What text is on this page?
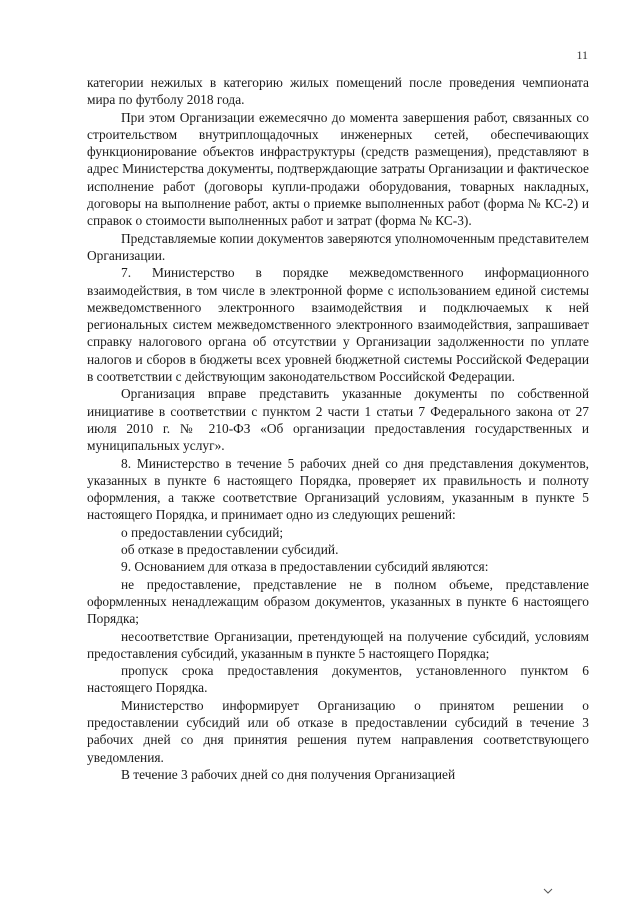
11

категории нежилых в категорию жилых помещений после проведения чемпионата мира по футболу 2018 года.

При этом Организации ежемесячно до момента завершения работ, связанных со строительством внутриплощадочных инженерных сетей, обеспечивающих функционирование объектов инфраструктуры (средств размещения), представляют в адрес Министерства документы, подтверждающие затраты Организации и фактическое исполнение работ (договоры купли-продажи оборудования, товарных накладных, договоры на выполнение работ, акты о приемке выполненных работ (форма № КС-2) и справок о стоимости выполненных работ и затрат (форма № КС-3).

Представляемые копии документов заверяются уполномоченным представителем Организации.

7. Министерство в порядке межведомственного информационного взаимодействия, в том числе в электронной форме с использованием единой системы межведомственного электронного взаимодействия и подключаемых к ней региональных систем межведомственного электронного взаимодействия, запрашивает справку налогового органа об отсутствии у Организации задолженности по уплате налогов и сборов в бюджеты всех уровней бюджетной системы Российской Федерации в соответствии с действующим законодательством Российской Федерации.

Организация вправе представить указанные документы по собственной инициативе в соответствии с пунктом 2 части 1 статьи 7 Федерального закона от 27 июля 2010 г. № 210-ФЗ «Об организации предоставления государственных и муниципальных услуг».

8. Министерство в течение 5 рабочих дней со дня представления документов, указанных в пункте 6 настоящего Порядка, проверяет их правильность и полноту оформления, а также соответствие Организаций условиям, указанным в пункте 5 настоящего Порядка, и принимает одно из следующих решений:

о предоставлении субсидий;

об отказе в предоставлении субсидий.

9. Основанием для отказа в предоставлении субсидий являются:

не предоставление, представление не в полном объеме, представление оформленных ненадлежащим образом документов, указанных в пункте 6 настоящего Порядка;

несоответствие Организации, претендующей на получение субсидий, условиям предоставления субсидий, указанным в пункте 5 настоящего Порядка;

пропуск срока предоставления документов, установленного пунктом 6 настоящего Порядка.

Министерство информирует Организацию о принятом решении о предоставлении субсидий или об отказе в предоставлении субсидий в течение 3 рабочих дней со дня принятия решения путем направления соответствующего уведомления.

В течение 3 рабочих дней со дня получения Организацией
